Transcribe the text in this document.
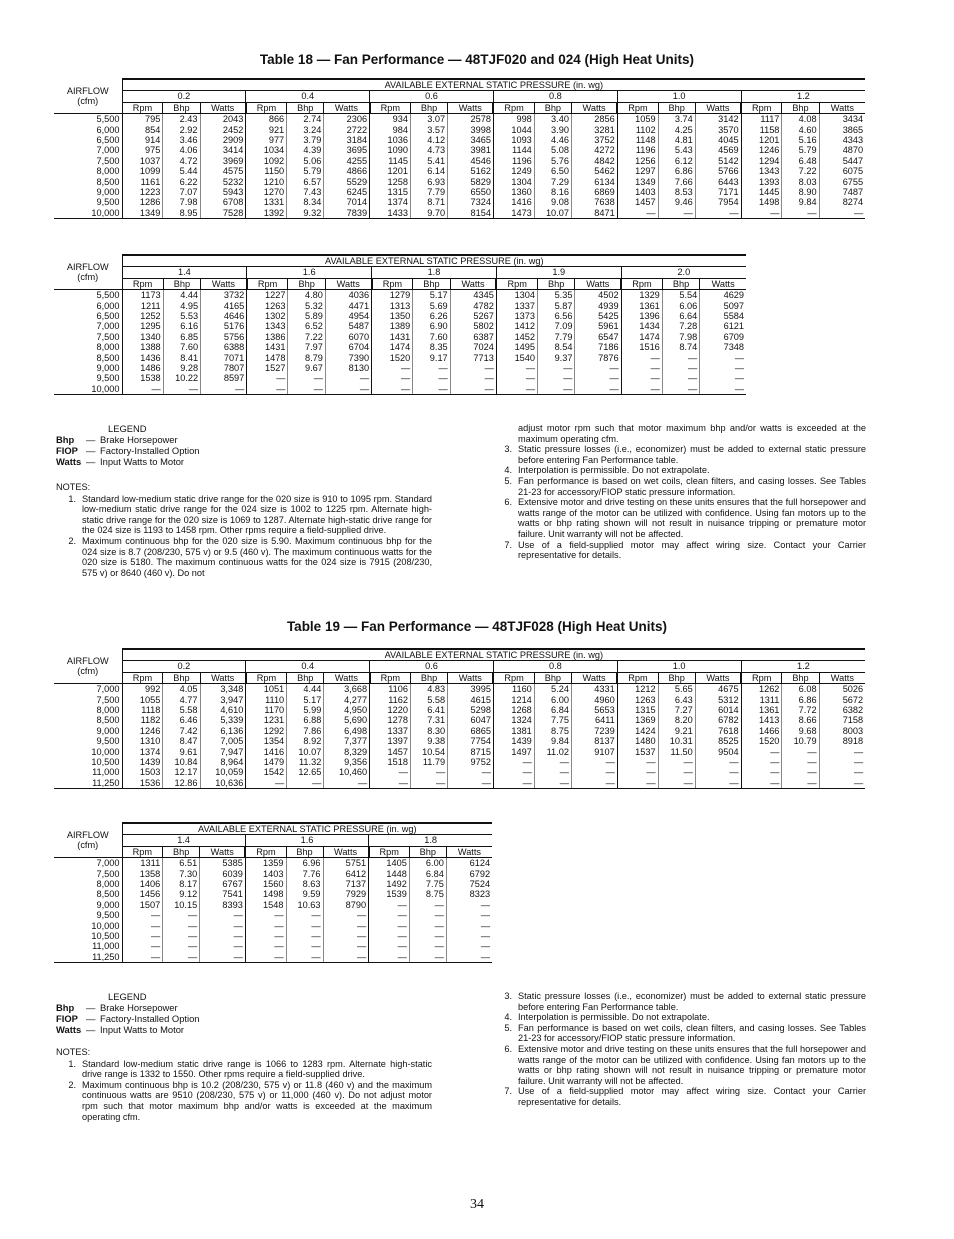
Table 18 — Fan Performance — 48TJF020 and 024 (High Heat Units)
AIRFLOW
(cfm)	AVAILABLE EXTERNAL STATIC PRESSURE (in. wg)																	
	0.2			0.4			0.6			0.8			1.0			1.2		
	Rpm	Bhp	Watts	Rpm	Bhp	Watts	Rpm	Bhp	Watts	Rpm	Bhp	Watts	Rpm	Bhp	Watts	Rpm	Bhp	Watts
5,500	795	2.43	2043	866	2.74	2306	934	3.07	2578	998	3.40	2856	1059	3.74	3142	1117	4.08	3434
6,000	854	2.92	2452	921	3.24	2722	984	3.57	3998	1044	3.90	3281	1102	4.25	3570	1158	4.60	3865
6,500	914	3.46	2909	977	3.79	3184	1036	4.12	3465	1093	4.46	3752	1148	4.81	4045	1201	5.16	4343
7,000	975	4.06	3414	1034	4.39	3695	1090	4.73	3981	1144	5.08	4272	1196	5.43	4569	1246	5.79	4870
7,500	1037	4.72	3969	1092	5.06	4255	1145	5.41	4546	1196	5.76	4842	1256	6.12	5142	1294	6.48	5447
8,000	1099	5.44	4575	1150	5.79	4866	1201	6.14	5162	1249	6.50	5462	1297	6.86	5766	1343	7.22	6075
8,500	1161	6.22	5232	1210	6.57	5529	1258	6.93	5829	1304	7.29	6134	1349	7.66	6443	1393	8.03	6755
9,000	1223	7.07	5943	1270	7.43	6245	1315	7.79	6550	1360	8.16	6869	1403	8.53	7171	1445	8.90	7487
9,500	1286	7.98	6708	1331	8.34	7014	1374	8.71	7324	1416	9.08	7638	1457	9.46	7954	1498	9.84	8274
10,000	1349	8.95	7528	1392	9.32	7839	1433	9.70	8154	1473	10.07	8471	—	—	—	—	—	—
AIRFLOW
(cfm)	AVAILABLE EXTERNAL STATIC PRESSURE (in. wg)														
	1.4			1.6			1.8			1.9			2.0		
	Rpm	Bhp	Watts	Rpm	Bhp	Watts	Rpm	Bhp	Watts	Rpm	Bhp	Watts	Rpm	Bhp	Watts
5,500	1173	4.44	3732	1227	4.80	4036	1279	5.17	4345	1304	5.35	4502	1329	5.54	4629
6,000	1211	4.95	4165	1263	5.32	4471	1313	5.69	4782	1337	5.87	4939	1361	6.06	5097
6,500	1252	5.53	4646	1302	5.89	4954	1350	6.26	5267	1373	6.56	5425	1396	6.64	5584
7,000	1295	6.16	5176	1343	6.52	5487	1389	6.90	5802	1412	7.09	5961	1434	7.28	6121
7,500	1340	6.85	5756	1386	7.22	6070	1431	7.60	6387	1452	7.79	6547	1474	7.98	6709
8,000	1388	7.60	6388	1431	7.97	6704	1474	8.35	7024	1495	8.54	7186	1516	8.74	7348
8,500	1436	8.41	7071	1478	8.79	7390	1520	9.17	7713	1540	9.37	7876	—	—	—
9,000	1486	9.28	7807	1527	9.67	8130	—	—	—	—	—	—	—	—	—
9,500	1538	10.22	8597	—	—	—	—	—	—	—	—	—	—	—	—
10,000	—	—	—	—	—	—	—	—	—	—	—	—	—	—	—
LEGEND
Bhp	— Brake Horsepower
FIOP — Factory-Installed Option
Watts — Input Watts to Motor
NOTES:
1. Standard low-medium static drive range for the 020 size is 910 to 1095 rpm. Standard low-medium static drive range for the 024 size is 1002 to 1225 rpm. Alternate high-static drive range for the 020 size is 1069 to 1287. Alternate high-static drive range for the 024 size is 1193 to 1458 rpm. Other rpms require a field-supplied drive.
2. Maximum continuous bhp for the 020 size is 5.90. Maximum continuous bhp for the 024 size is 8.7 (208/230, 575 v) or 9.5 (460 v). The maximum continuous watts for the 020 size is 5180. The maximum continuous watts for the 024 size is 7915 (208/230, 575 v) or 8640 (460 v). Do not
adjust motor rpm such that motor maximum bhp and/or watts is exceeded at the maximum operating cfm.
3. Static pressure losses (i.e., economizer) must be added to external static pressure before entering Fan Performance table.
4. Interpolation is permissible. Do not extrapolate.
5. Fan performance is based on wet coils, clean filters, and casing losses. See Tables 21-23 for accessory/FIOP static pressure information.
6. Extensive motor and drive testing on these units ensures that the full horsepower and watts range of the motor can be utilized with confidence. Using fan motors up to the watts or bhp rating shown will not result in nuisance tripping or premature motor failure. Unit warranty will not be affected.
7. Use of a field-supplied motor may affect wiring size. Contact your Carrier representative for details.
Table 19 — Fan Performance — 48TJF028 (High Heat Units)
AIRFLOW
(cfm)	AVAILABLE EXTERNAL STATIC PRESSURE (in. wg)																	
	0.2			0.4			0.6			0.8			1.0			1.2		
	Rpm	Bhp	Watts	Rpm	Bhp	Watts	Rpm	Bhp	Watts	Rpm	Bhp	Watts	Rpm	Bhp	Watts	Rpm	Bhp	Watts
7,000	992	4.05	3,348	1051	4.44	3,668	1106	4.83	3995	1160	5.24	4331	1212	5.65	4675	1262	6.08	5026
7,500	1055	4.77	3,947	1110	5.17	4,277	1162	5.58	4615	1214	6.00	4960	1263	6.43	5312	1311	6.86	5672
8,000	1118	5.58	4,610	1170	5.99	4,950	1220	6.41	5298	1268	6.84	5653	1315	7.27	6014	1361	7.72	6382
8,500	1182	6.46	5,339	1231	6.88	5,690	1278	7.31	6047	1324	7.75	6411	1369	8.20	6782	1413	8.66	7158
9,000	1246	7.42	6,136	1292	7.86	6,498	1337	8.30	6865	1381	8.75	7239	1424	9.21	7618	1466	9.68	8003
9,500	1310	8.47	7,005	1354	8.92	7,377	1397	9.38	7754	1439	9.84	8137	1480	10.31	8525	1520	10.79	8918
10,000	1374	9.61	7,947	1416	10.07	8,329	1457	10.54	8715	1497	11.02	9107	1537	11.50	9504	—	—	—
10,500	1439	10.84	8,964	1479	11.32	9,356	1518	11.79	9752	—	—	—	—	—	—	—	—	—
11,000	1503	12.17	10,059	1542	12.65	10,460	—	—	—	—	—	—	—	—	—	—	—	—
11,250	1536	12.86	10,636	—	—	—	—	—	—	—	—	—	—	—	—	—	—	—
AIRFLOW
(cfm)	AVAILABLE EXTERNAL STATIC PRESSURE (in. wg)								
	1.4			1.6			1.8		
	Rpm	Bhp	Watts	Rpm	Bhp	Watts	Rpm	Bhp	Watts
7,000	1311	6.51	5385	1359	6.96	5751	1405	6.00	6124
7,500	1358	7.30	6039	1403	7.76	6412	1448	6.84	6792
8,000	1406	8.17	6767	1560	8.63	7137	1492	7.75	7524
8,500	1456	9.12	7541	1498	9.59	7929	1539	8.75	8323
9,000	1507	10.15	8393	1548	10.63	8790	—	—	—
9,500	—	—	—	—	—	—	—	—	—
10,000	—	—	—	—	—	—	—	—	—
10,500	—	—	—	—	—	—	—	—	—
11,000	—	—	—	—	—	—	—	—	—
11,250	—	—	—	—	—	—	—	—	—
LEGEND
Bhp	— Brake Horsepower
FIOP — Factory-Installed Option
Watts — Input Watts to Motor
NOTES:
1. Standard low-medium static drive range is 1066 to 1283 rpm. Alternate high-static drive range is 1332 to 1550. Other rpms require a field-supplied drive.
2. Maximum continuous bhp is 10.2 (208/230, 575 v) or 11.8 (460 v) and the maximum continuous watts are 9510 (208/230, 575 v) or 11,000 (460 v). Do not adjust motor rpm such that motor maximum bhp and/or watts is exceeded at the maximum operating cfm.
3. Static pressure losses (i.e., economizer) must be added to external static pressure before entering Fan Performance table.
4. Interpolation is permissible. Do not extrapolate.
5. Fan performance is based on wet coils, clean filters, and casing losses. See Tables 21-23 for accessory/FIOP static pressure information.
6. Extensive motor and drive testing on these units ensures that the full horsepower and watts range of the motor can be utilized with confidence. Using fan motors up to the watts or bhp rating shown will not result in nuisance tripping or premature motor failure. Unit warranty will not be affected.
7. Use of a field-supplied motor may affect wiring size. Contact your Carrier representative for details.
34
